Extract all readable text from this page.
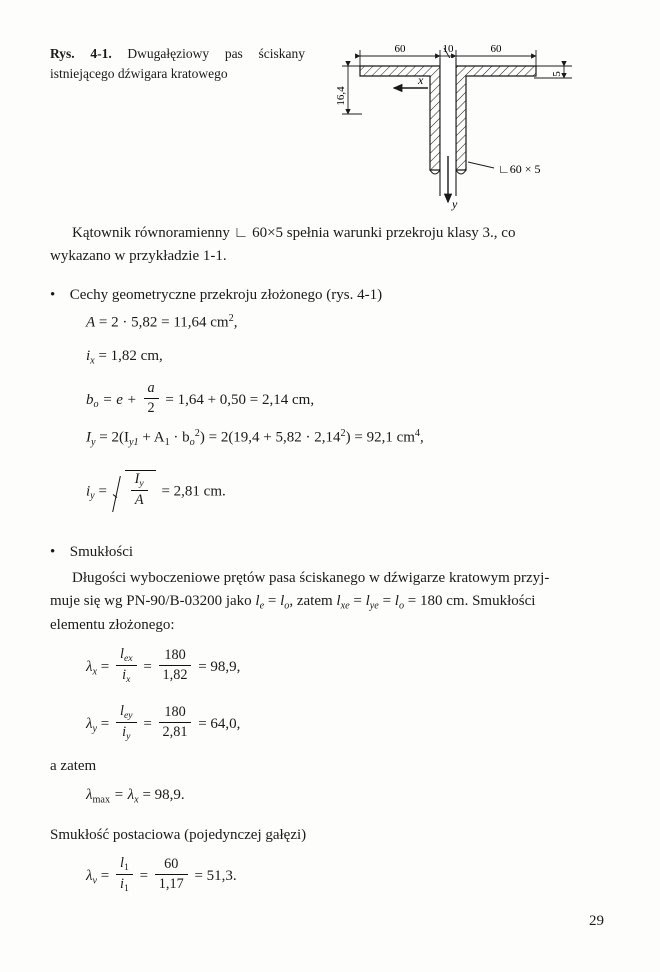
Rys. 4-1. Dwugałęziowy pas ściskany istniejącego dźwigara kratowego
60	10	60
16,4
5
x
y
∟60 × 5
Kątownik równoramienny ∟ 60×5 spełnia warunki przekroju klasy 3., co
wykazano w przykładzie 1-1.
• Cechy geometryczne przekroju złożonego (rys. 4-1)
A = 2 · 5,82 = 11,64 $cm^2$,
$i_x = 1,82$ cm,
$b_o = e + \frac{a}{2} = 1,64 + 0,50 = 2,14$ cm,
$I_y = 2(I_{y1} + A_1 \cdot b_o^2) = 2(19,4 + 5,82 \cdot 2,14^2) = 92,1$ $cm^4$,
$i_y = \frac{I_y}{A} = 2,81$ cm.
• Smukłości
Długości wyboczeniowe prętów pasa ściskanego w dźwigarze kratowym przyj-
muje się wg PN-90/B-03200 jako $l_e = l_o$, zatem $l_{xe} = l_{ye} = l_o = 180$ cm. Smukłości
elementu złożonego:
$\lambda_x = \frac{l_{ex}}{i_x} = \frac{180}{1,82} = 98,9$,
$\lambda_y = \frac{l_{ey}}{i_y} = \frac{180}{2,81} = 64,0$,
a zatem
$\lambda_{max} = \lambda_x = 98,9$.
Smukłość postaciowa (pojedynczej gałęzi)
$\lambda_v = \frac{l_1}{i_1} = \frac{60}{1,17} = 51,3$.
29
